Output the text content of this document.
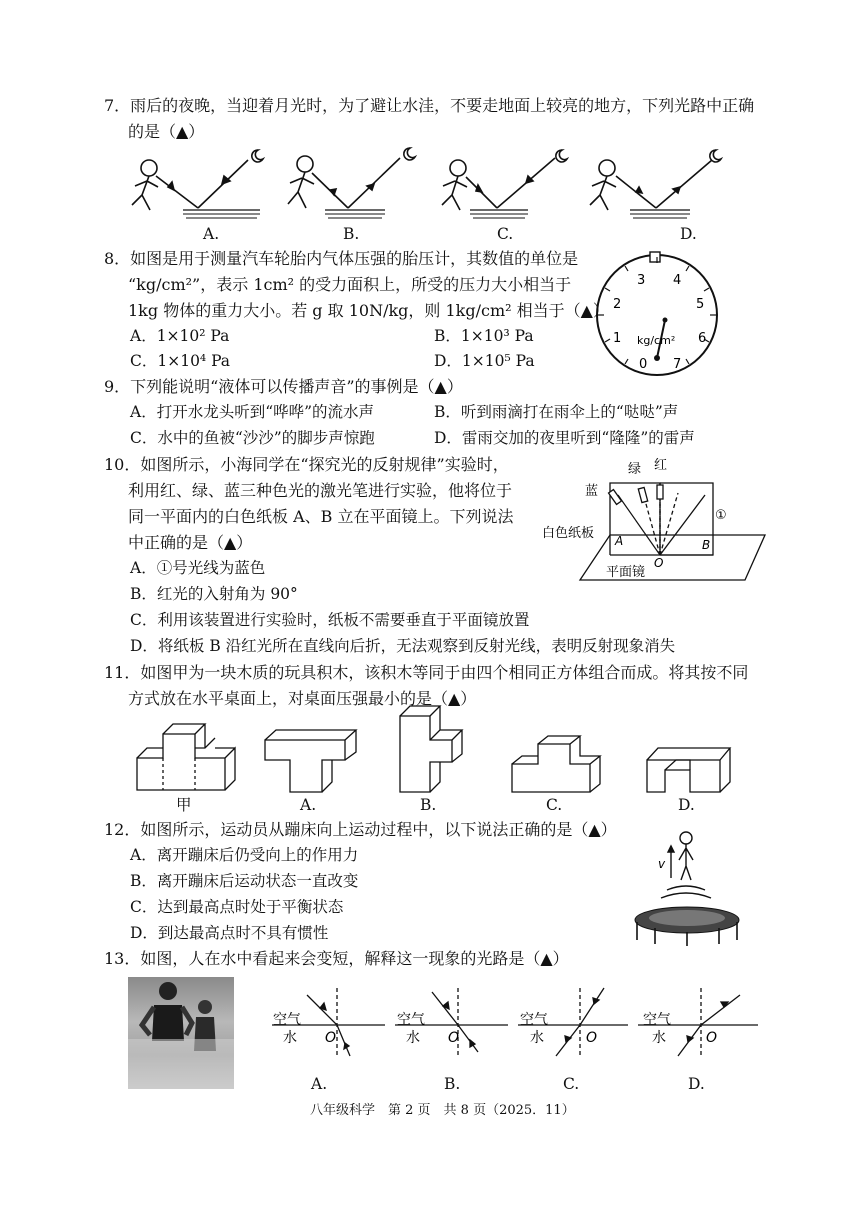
7．雨后的夜晚，当迎着月光时，为了避让水洼，不要走地面上较亮的地方，下列光路中正确
的是（▲）
A.	B.	C.	D.
8．如图是用于测量汽车轮胎内气体压强的胎压计，其数值的单位是
“kg/cm²”，表示 1cm² 的受力面积上，所受的压力大小相当于
1kg 物体的重力大小。若 g 取 10N/kg，则 1kg/cm² 相当于（▲）
A．1×10² Pa	B．1×10³ Pa
C．1×10⁴ Pa	D．1×10⁵ Pa	0
1
2
3 4
5
6
7
kg/cm²
9．下列能说明“液体可以传播声音”的事例是（▲）
A．打开水龙头听到“哗哗”的流水声	B．听到雨滴打在雨伞上的“哒哒”声
C．水中的鱼被“沙沙”的脚步声惊跑	D．雷雨交加的夜里听到“隆隆”的雷声
10．如图所示，小海同学在“探究光的反射规律”实验时，
利用红、绿、蓝三种色光的激光笔进行实验，他将位于
同一平面内的白色纸板 A、B 立在平面镜上。下列说法
中正确的是（▲）
A．①号光线为蓝色
B．红光的入射角为 90°
C．利用该装置进行实验时，纸板不需要垂直于平面镜放置
D．将纸板 B 沿红光所在直线向后折，无法观察到反射光线，表明反射现象消失
绿 红
蓝
①
白色纸板 A
O
B
平面镜
11．如图甲为一块木质的玩具积木，该积木等同于由四个相同正方体组合而成。将其按不同
方式放在水平桌面上，对桌面压强最小的是（▲）
甲	A.	B.	C.	D.
12．如图所示，运动员从蹦床向上运动过程中，以下说法正确的是（▲）
A．离开蹦床后仍受向上的作用力
B．离开蹦床后运动状态一直改变
C．达到最高点时处于平衡状态
D．到达最高点时不具有惯性
v
13．如图，人在水中看起来会变短，解释这一现象的光路是（▲）
空气
水 O
空气
水 O
空气
水	O
空气
水	O
A.	B.	C.	D.
八年级科学　第 2 页　共 8 页（2025．11）
